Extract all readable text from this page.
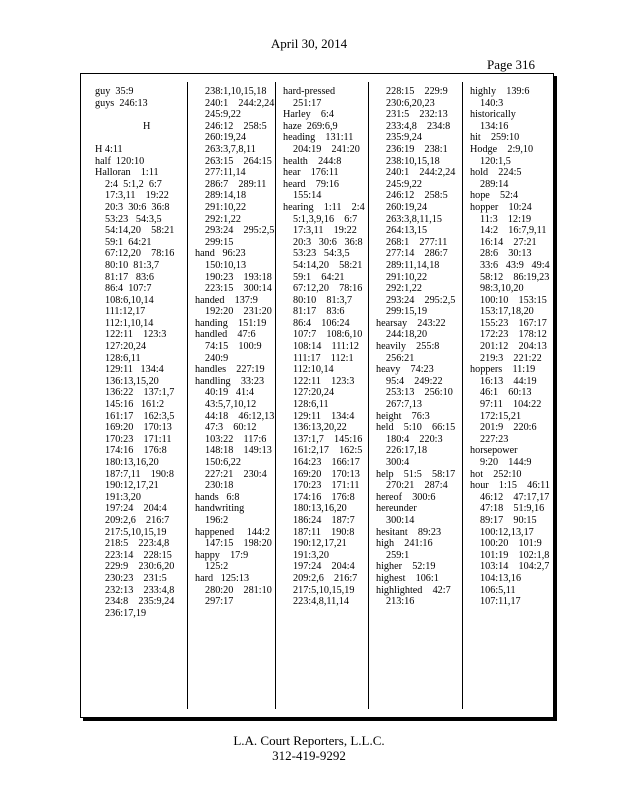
April 30, 2014
Page 316
guy  35:9
guys  246:13
H
H 4:11
half  120:10
Halloran    1:11
2:4  5:1,2  6:7
17:3,11    19:22
20:3  30:6  36:8
53:23   54:3,5
54:14,20    58:21
59:1  64:21
67:12,20    78:16
80:10  81:3,7
81:17   83:6
86:4  107:7
108:6,10,14
111:12,17
112:1,10,14
122:11    123:3
127:20,24
128:6,11
129:11   134:4
136:13,15,20
136:22    137:1,7
145:16   161:2
161:17    162:3,5
169:20    170:13
170:23    171:11
174:16    176:8
180:13,16,20
187:7,11    190:8
190:12,17,21
191:3,20
197:24    204:4
209:2,6    216:7
217:5,10,15,19
218:5    223:4,8
223:14    228:15
229:9    230:6,20
230:23    231:5
232:13    233:4,8
234:8    235:9,24
236:17,19
238:1,10,15,18
240:1    244:2,24
245:9,22
246:12    258:5
260:19,24
263:3,7,8,11
263:15    264:15
277:11,14
286:7    289:11
289:14,18
291:10,22
292:1,22
293:24    295:2,5
299:15
hand   96:23
150:10,13
190:23    193:18
223:15    300:14
handed    137:9
192:20    231:20
handing    151:19
handled    47:6
74:15    100:9
240:9
handles    227:19
handling    33:23
40:19   41:4
43:5,7,10,12
44:18    46:12,13
47:3    60:12
103:22    117:6
148:18    149:13
150:6,22
227:21    230:4
230:18
hands   6:8
handwriting
196:2
happened     144:2
147:15    198:20
happy    17:9
125:2
hard   125:13
280:20    281:10
297:17
hard-pressed
251:17
Harley    6:4
haze  269:6,9
heading    131:11
204:19    241:20
health    244:8
hear    176:11
heard    79:16
155:14
hearing    1:11    2:4
5:1,3,9,16    6:7
17:3,11    19:22
20:3   30:6   36:8
53:23   54:3,5
54:14,20    58:21
59:1    64:21
67:12,20    78:16
80:10    81:3,7
81:17    83:6
86:4    106:24
107:7    108:6,10
108:14    111:12
111:17    112:1
112:10,14
122:11    123:3
127:20,24
128:6,11
129:11    134:4
136:13,20,22
137:1,7    145:16
161:2,17    162:5
164:23    166:17
169:20    170:13
170:23    171:11
174:16    176:8
180:13,16,20
186:24    187:7
187:11    190:8
190:12,17,21
191:3,20
197:24    204:4
209:2,6    216:7
217:5,10,15,19
223:4,8,11,14
228:15    229:9
230:6,20,23
231:5    232:13
233:4,8    234:8
235:9,24
236:19    238:1
238:10,15,18
240:1    244:2,24
245:9,22
246:12    258:5
260:19,24
263:3,8,11,15
264:13,15
268:1    277:11
277:14    286:7
289:11,14,18
291:10,22
292:1,22
293:24    295:2,5
299:15,19
hearsay    243:22
244:18,20
heavily    255:8
256:21
heavy    74:23
95:4    249:22
253:13    256:10
267:7,13
height    76:3
held    5:10    66:15
180:4    220:3
226:17,18
300:4
help    51:5    58:17
270:21    287:4
hereof    300:6
hereunder
300:14
hesitant    89:23
high    241:16
259:1
higher    52:19
highest    106:1
highlighted    42:7
213:16
highly    139:6
140:3
historically
134:16
hit    259:10
Hodge    2:9,10
120:1,5
hold    224:5
289:14
hope    52:4
hopper    10:24
11:3    12:19
14:2    16:7,9,11
16:14    27:21
28:6    30:13
33:6   43:9   49:4
58:12    86:19,23
98:3,10,20
100:10    153:15
153:17,18,20
155:23    167:17
172:23    178:12
201:12    204:13
219:3    221:22
hoppers    11:19
16:13    44:19
46:1    60:13
97:11    104:22
172:15,21
201:9    220:6
227:23
horsepower
9:20    144:9
hot    252:10
hour    1:15    46:11
46:12    47:17,17
47:18    51:9,16
89:17    90:15
100:12,13,17
100:20    101:9
101:19    102:1,8
103:14    104:2,7
104:13,16
106:5,11
107:11,17
L.A. Court Reporters, L.L.C.
312-419-9292
